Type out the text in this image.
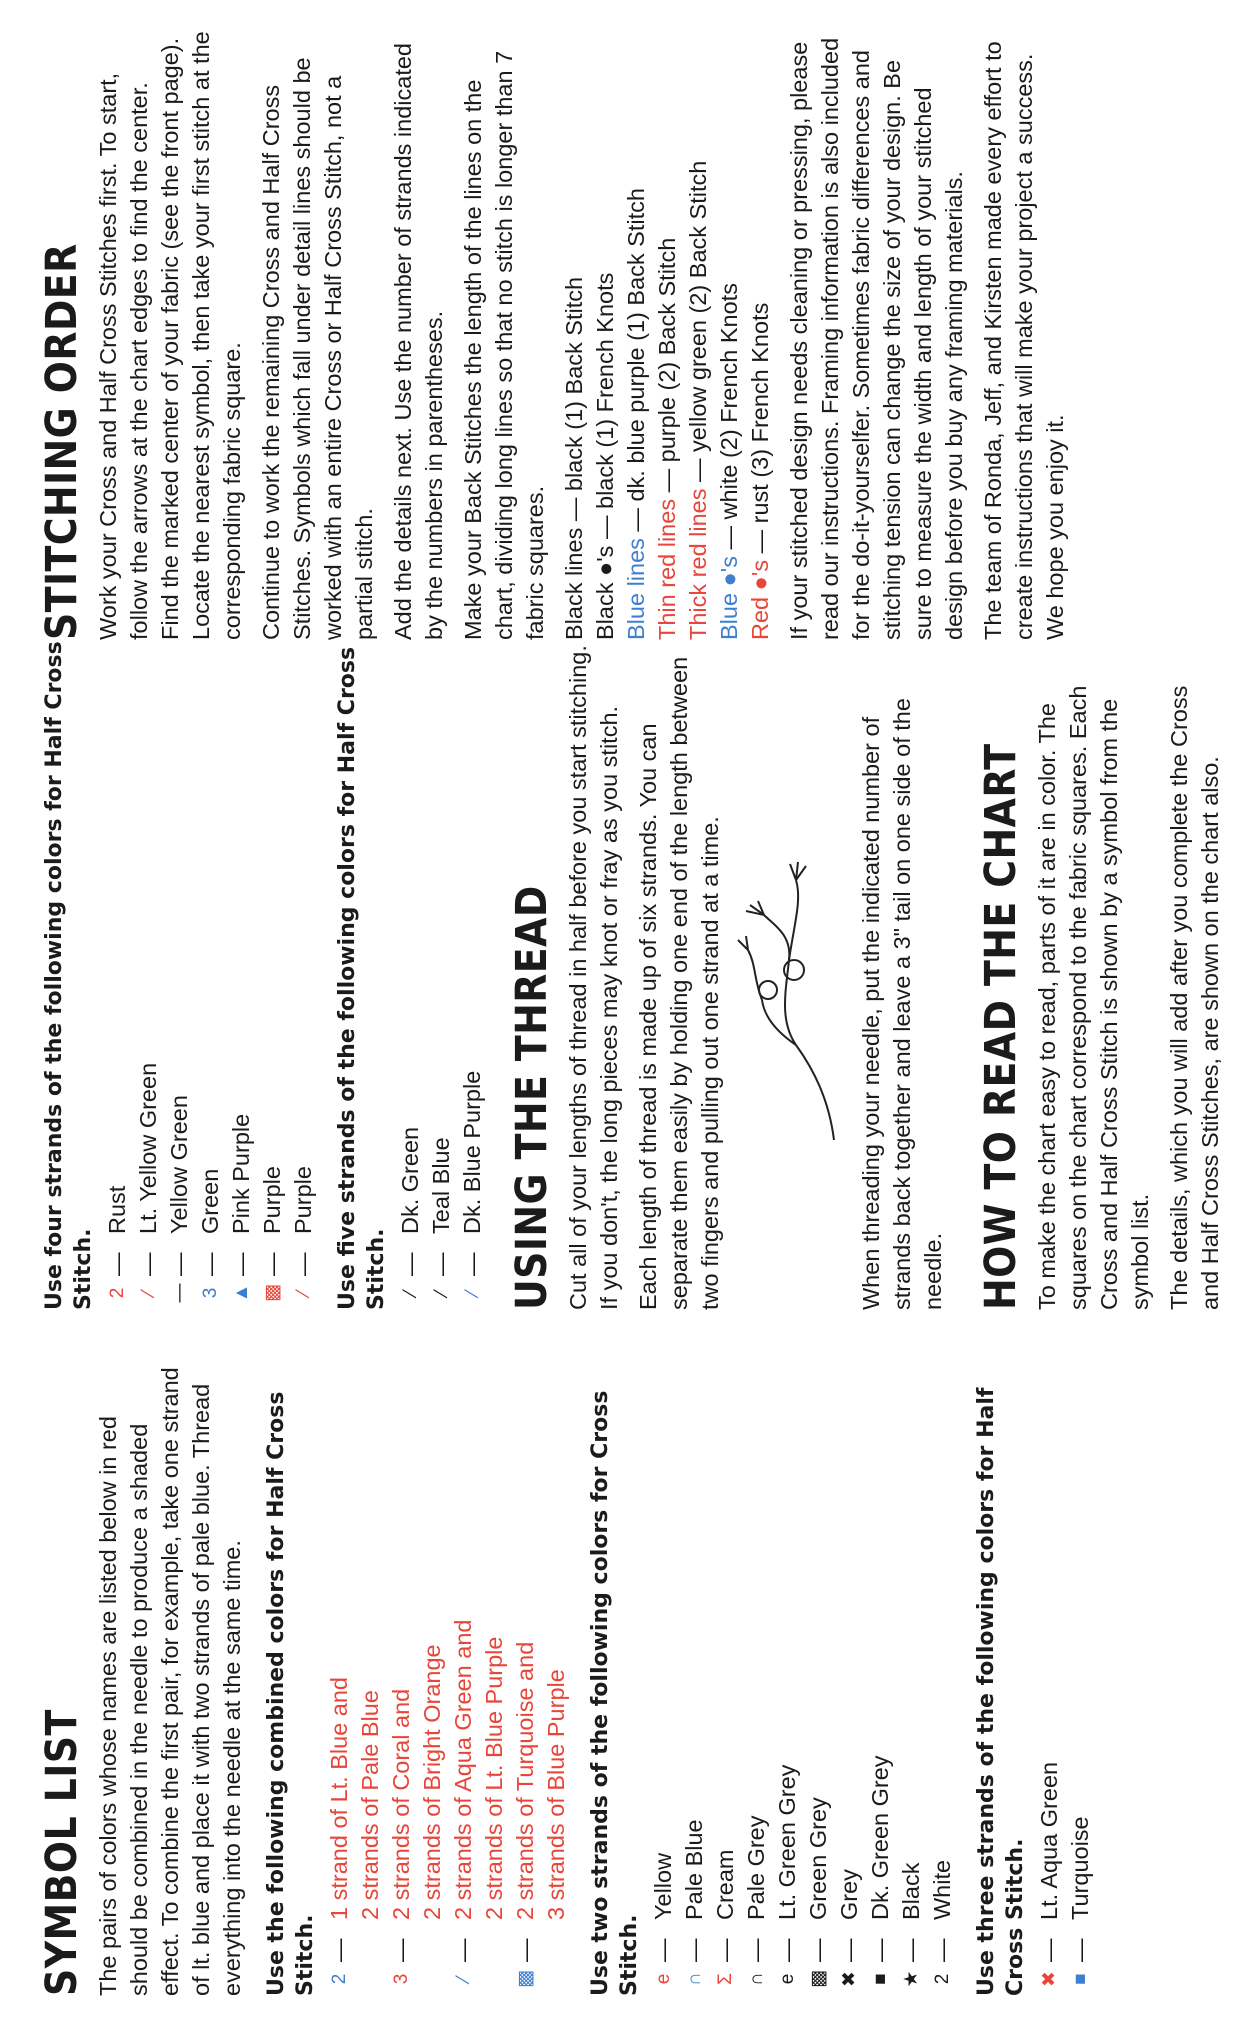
SYMBOL LIST The pairs of colors whose names are listed below in red should be combined in the needle to produce a shaded effect. To combine the first pair, for example, take one strand of lt. blue and place it with two strands of pale blue. Thread everything into the needle at the same time. Use the following combined colors for Half Cross Stitch. 2
—
1 strand of Lt. Blue and 2 strands of Pale Blue
3
—
2 strands of Coral and 2 strands of Bright Orange
⁄
—
2 strands of Aqua Green and 2 strands of Lt. Blue Purple
▩
—
2 strands of Turquoise and 3 strands of Blue Purple Use two strands of the following colors for Cross Stitch. e
—
Yellow
∩
—
Pale Blue
Σ
—
Cream
∩
—
Pale Grey
e
—
Lt. Green Grey
▩
—
Green Grey
✖
—
Grey
■
—
Dk. Green Grey
★
—
Black
2
—
White Use three strands of the following colors for Half Cross Stitch. ✖
—
Lt. Aqua Green
■
—
Turquoise
Use four strands of the following colors for Half Cross Stitch. 2
—
Rust
⁄
—
Lt. Yellow Green
—
—
Yellow Green
3
—
Green
▲
—
Pink Purple
▩
—
Purple
⁄
—
Purple Use five strands of the following colors for Half Cross Stitch. ⁄
—
Dk. Green
⁄
—
Teal Blue
⁄
—
Dk. Blue Purple USING THE THREAD Cut all of your lengths of thread in half before you start stitching. If you don't, the long pieces may knot or fray as you stitch. Each length of thread is made up of six strands. You can separate them easily by holding one end of the length between two fingers and pulling out one strand at a time.	When threading your needle, put the indicated number of strands back together and leave a 3" tail on one side of the needle. HOW TO READ THE CHART To make the chart easy to read, parts of it are in color. The squares on the chart correspond to the fabric squares. Each Cross and Half Cross Stitch is shown by a symbol from the symbol list. The details, which you will add after you complete the Cross and Half Cross Stitches, are shown on the chart also.

STITCHING ORDER Work your Cross and Half Cross Stitches first. To start, follow the arrows at the chart edges to find the center. Find the marked center of your fabric (see the front page). Locate the nearest symbol, then take your first stitch at the corresponding fabric square. Continue to work the remaining Cross and Half Cross Stitches. Symbols which fall under detail lines should be worked with an entire Cross or Half Cross Stitch, not a partial stitch. Add the details next. Use the number of strands indicated by the numbers in parentheses. Make your Back Stitches the length of the lines on the chart, dividing long lines so that no stitch is longer than 7 fabric squares. Black lines — black (1) Back Stitch
Black ●'s — black (1) French Knots
Blue lines — dk. blue purple (1) Back Stitch
Thin red lines — purple (2) Back Stitch
Thick red lines — yellow green (2) Back Stitch
Blue ●'s — white (2) French Knots
Red ●'s — rust (3) French Knots If your stitched design needs cleaning or pressing, please read our instructions. Framing information is also included for the do-it-yourselfer. Sometimes fabric differences and stitching tension can change the size of your design. Be sure to measure the width and length of your stitched design before you buy any framing materials. The team of Ronda, Jeff, and Kirsten made every effort to create instructions that will make your project a success. We hope you enjoy it.
